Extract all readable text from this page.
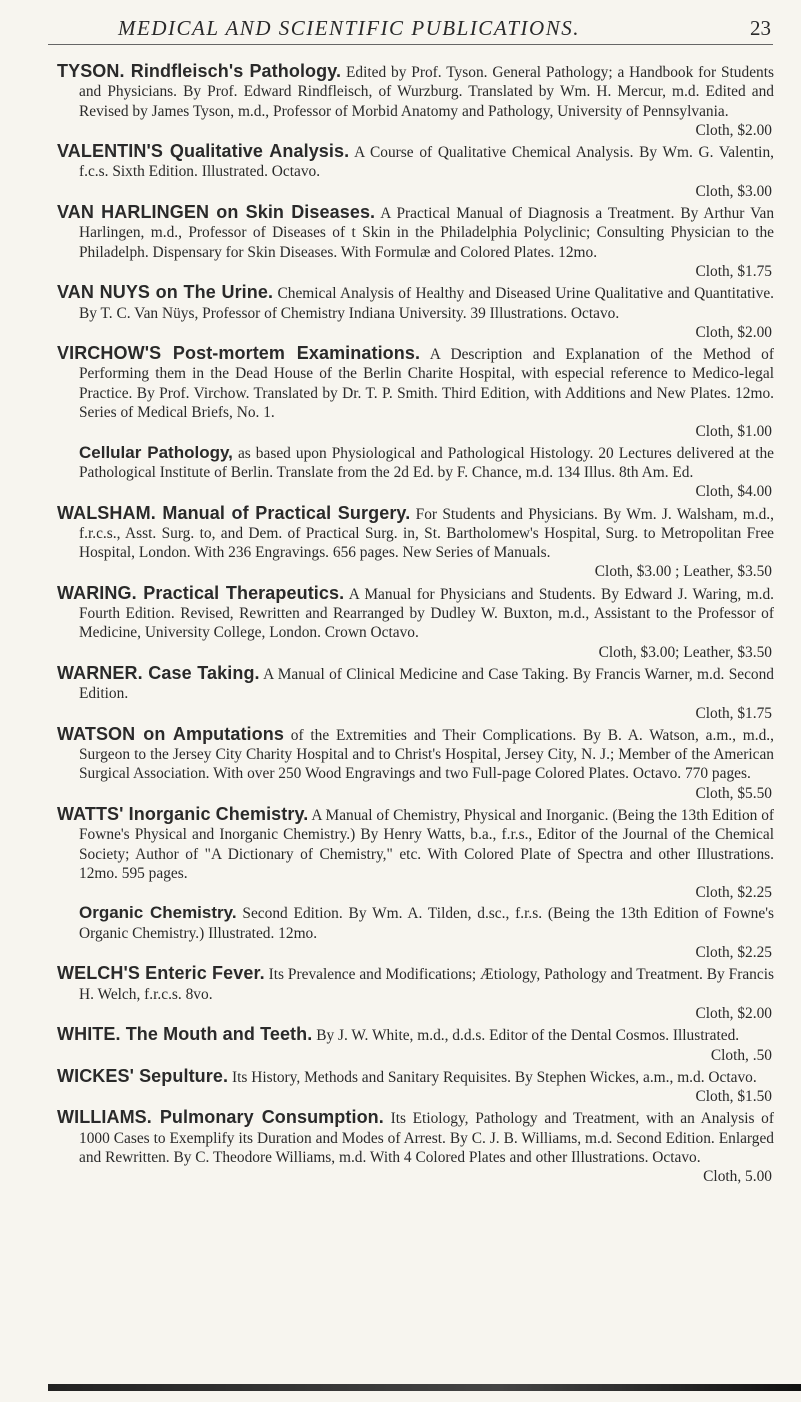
MEDICAL AND SCIENTIFIC PUBLICATIONS.	23

TYSON. Rindfleisch's Pathology. Edited by Prof. Tyson. General Pathology; a Handbook for Students and Physicians. By Prof. Edward Rindfleisch, of Wurzburg. Translated by Wm. H. Mercur, m.d. Edited and Revised by James Tyson, m.d., Professor of Morbid Anatomy and Pathology, University of Pennsylvania.

Cloth, $2.00

VALENTIN'S Qualitative Analysis. A Course of Qualitative Chemical Analysis. By Wm. G. Valentin, f.c.s. Sixth Edition. Illustrated. Octavo.

Cloth, $3.00

VAN HARLINGEN on Skin Diseases. A Practical Manual of Diagnosis a Treatment. By Arthur Van Harlingen, m.d., Professor of Diseases of t Skin in the Philadelphia Polyclinic; Consulting Physician to the Philadelph. Dispensary for Skin Diseases. With Formulæ and Colored Plates. 12mo.

Cloth, $1.75

VAN NUYS on The Urine. Chemical Analysis of Healthy and Diseased Urine Qualitative and Quantitative. By T. C. Van Nüys, Professor of Chemistry Indiana University. 39 Illustrations. Octavo.

Cloth, $2.00

VIRCHOW'S Post-mortem Examinations. A Description and Explanation of the Method of Performing them in the Dead House of the Berlin Charite Hospital, with especial reference to Medico-legal Practice. By Prof. Virchow. Translated by Dr. T. P. Smith. Third Edition, with Additions and New Plates. 12mo. Series of Medical Briefs, No. 1.

Cloth, $1.00

Cellular Pathology, as based upon Physiological and Pathological Histology. 20 Lectures delivered at the Pathological Institute of Berlin. Translate from the 2d Ed. by F. Chance, m.d. 134 Illus. 8th Am. Ed.

Cloth, $4.00

WALSHAM. Manual of Practical Surgery. For Students and Physicians. By Wm. J. Walsham, m.d., f.r.c.s., Asst. Surg. to, and Dem. of Practical Surg. in, St. Bartholomew's Hospital, Surg. to Metropolitan Free Hospital, London. With 236 Engravings. 656 pages. New Series of Manuals.

Cloth, $3.00 ; Leather, $3.50

WARING. Practical Therapeutics. A Manual for Physicians and Students. By Edward J. Waring, m.d. Fourth Edition. Revised, Rewritten and Rearranged by Dudley W. Buxton, m.d., Assistant to the Professor of Medicine, University College, London. Crown Octavo.

Cloth, $3.00; Leather, $3.50

WARNER. Case Taking. A Manual of Clinical Medicine and Case Taking. By Francis Warner, m.d. Second Edition.

Cloth, $1.75

WATSON on Amputations of the Extremities and Their Complications. By B. A. Watson, a.m., m.d., Surgeon to the Jersey City Charity Hospital and to Christ's Hospital, Jersey City, N. J.; Member of the American Surgical Association. With over 250 Wood Engravings and two Full-page Colored Plates. Octavo. 770 pages.

Cloth, $5.50

WATTS' Inorganic Chemistry. A Manual of Chemistry, Physical and Inorganic. (Being the 13th Edition of Fowne's Physical and Inorganic Chemistry.) By Henry Watts, b.a., f.r.s., Editor of the Journal of the Chemical Society; Author of "A Dictionary of Chemistry," etc. With Colored Plate of Spectra and other Illustrations. 12mo. 595 pages.

Cloth, $2.25

Organic Chemistry. Second Edition. By Wm. A. Tilden, d.sc., f.r.s. (Being the 13th Edition of Fowne's Organic Chemistry.) Illustrated. 12mo.

Cloth, $2.25

WELCH'S Enteric Fever. Its Prevalence and Modifications; Ætiology, Pathology and Treatment. By Francis H. Welch, f.r.c.s. 8vo.

Cloth, $2.00

WHITE. The Mouth and Teeth. By J. W. White, m.d., d.d.s. Editor of the Dental Cosmos. Illustrated.

Cloth, .50

WICKES' Sepulture. Its History, Methods and Sanitary Requisites. By Stephen Wickes, a.m., m.d. Octavo.

Cloth, $1.50

WILLIAMS. Pulmonary Consumption. Its Etiology, Pathology and Treatment, with an Analysis of 1000 Cases to Exemplify its Duration and Modes of Arrest. By C. J. B. Williams, m.d. Second Edition. Enlarged and Rewritten. By C. Theodore Williams, m.d. With 4 Colored Plates and other Illustrations. Octavo.

Cloth, 5.00
